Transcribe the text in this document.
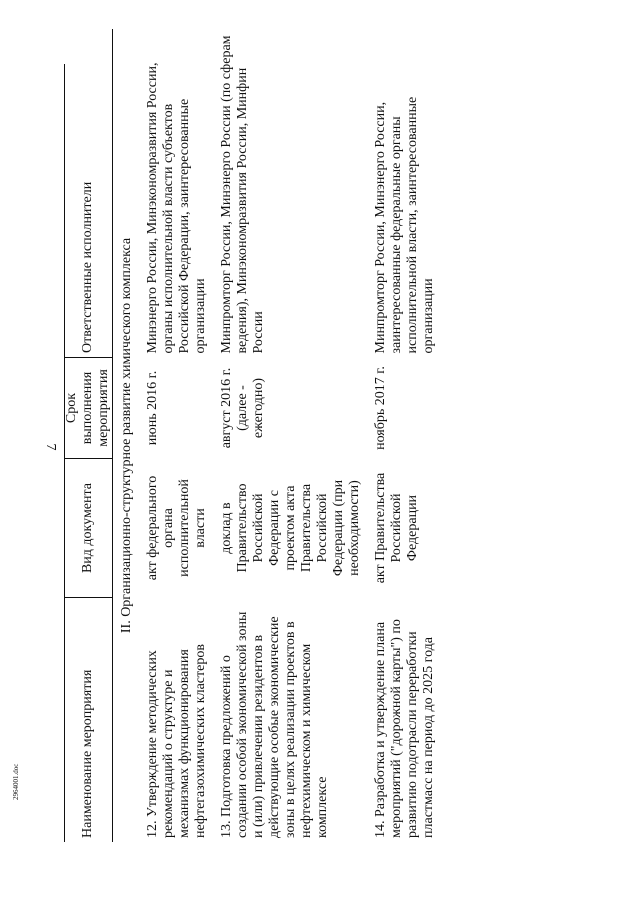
7
2964001.doc	Наименование мероприятия	Вид документа	Срок выполнения мероприятия	Ответственные исполнители
II. Организационно-структурное развитие химического комплекса			
12. Утверждение методических рекомендаций о структуре и механизмах функционирования нефтегазохимических кластеров	акт федерального органа исполнительной власти	июнь 2016 г.	Минэнерго России, Минэкономразвития России, органы исполнительной власти субъектов Российской Федерации, заинтересованные организации
13. Подготовка предложений о создании особой экономической зоны и (или) привлечении резидентов в действующие особые экономические зоны в целях реализации проектов в нефтехимическом и химическом комплексе	доклад в Правительство Российской Федерации с проектом акта Правительства Российской Федерации (при необходимости)	август 2016 г. (далее - ежегодно)	Минпромторг России, Минэнерго России (по сферам ведения), Минэкономразвития России, Минфин России
14. Разработка и утверждение плана мероприятий ("дорожной карты") по развитию подотрасли переработки пластмасс на период до 2025 года	акт Правительства Российской Федерации	ноябрь 2017 г.	Минпромторг России, Минэнерго России, заинтересованные федеральные органы исполнительной власти, заинтересованные организации
